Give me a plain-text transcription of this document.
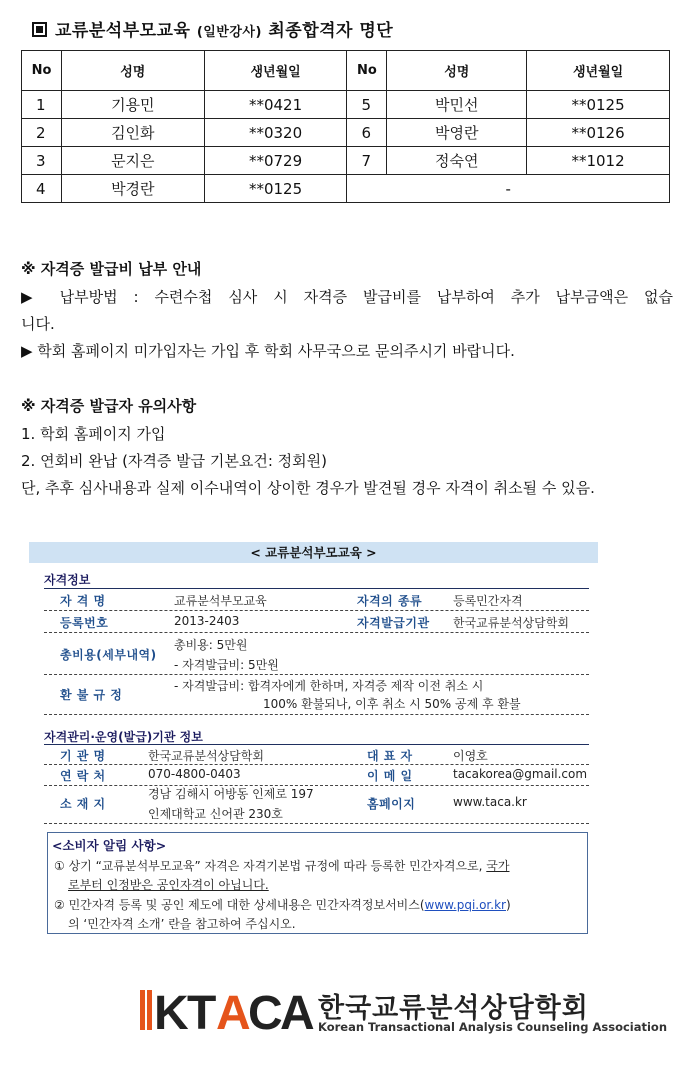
교류분석부모교육 (일반강사) 최종합격자 명단
No	성명	생년월일	No	성명	생년월일
1	기용민	**0421	5	박민선	**0125
2	김인화	**0320	6	박영란	**0126
3	문지은	**0729	7	정숙연	**1012
4	박경란	**0125	-		
※ 자격증 발급비 납부 안내
▶ 납부방법 : 수련수첩 심사 시 자격증 발급비를 납부하여 추가 납부금액은 없습
니다.
▶ 학회 홈페이지 미가입자는 가입 후 학회 사무국으로 문의주시기 바랍니다.
※ 자격증 발급자 유의사항
1. 학회 홈페이지 가입
2. 연회비 완납 (자격증 발급 기본요건: 정회원)
단, 추후 심사내용과 실제 이수내역이 상이한 경우가 발견될 경우 자격이 취소될 수 있음.
< 교류분석부모교육 >
자격정보
자 격 명	교류분석부모교육	자격의 종류	등록민간자격
등록번호	2013-2403	자격발급기관 한국교류분석상담학회
총비용(세부내역)
총비용: 5만원
- 자격발급비: 5만원
환 불 규 정
- 자격발급비: 합격자에게 한하며, 자격증 제작 이전 취소 시
100% 환불되나, 이후 취소 시 50% 공제 후 환불
자격관리·운영(발급)기관 정보
기 관 명	한국교류분석상담학회	대 표 자	이영호
연 락 처	070-4800-0403	이 메 일	tacakorea@gmail.com
소 재 지
경남 김해시 어방동 인제로 197
인제대학교 신어관 230호
홈페이지	www.taca.kr
<소비자 알림 사항>
① 상기 “교류분석부모교육” 자격은 자격기본법 규정에 따라 등록한 민간자격으로, 국가
로부터 인정받은 공인자격이 아닙니다.
② 민간자격 등록 및 공인 제도에 대한 상세내용은 민간자격정보서비스(www.pqi.or.kr)
의 ‘민간자격 소개’ 란을 참고하여 주십시오.
K T A C A 한국교류분석상담학회
Korean Transactional Analysis Counseling Association
